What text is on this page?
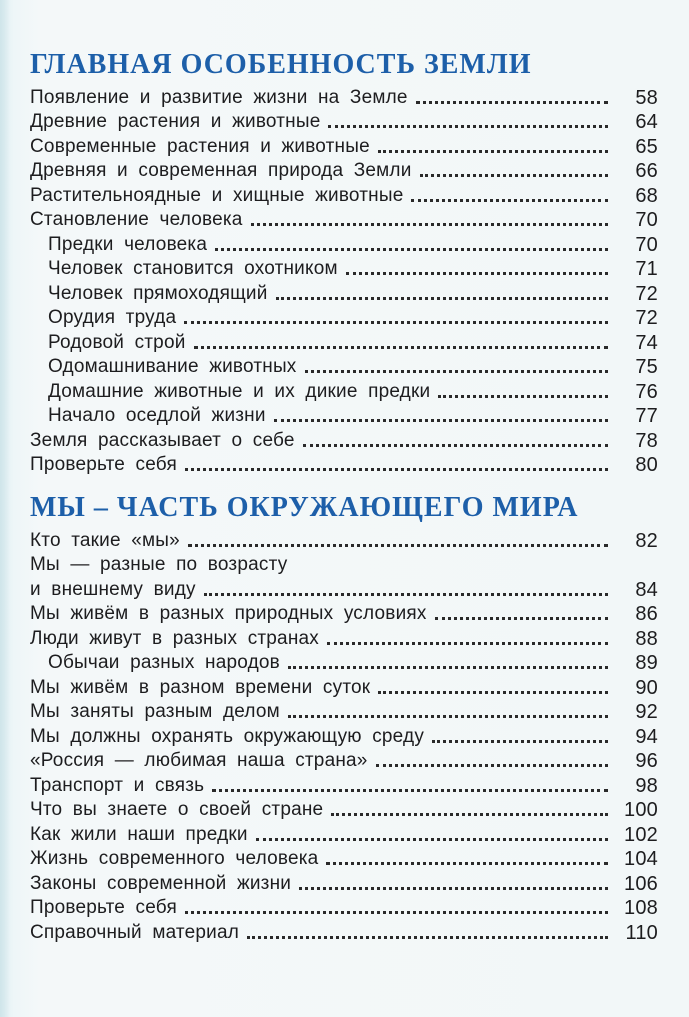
ГЛАВНАЯ ОСОБЕННОСТЬ ЗЕМЛИ
Появление и развитие жизни на Земле	58
Древние растения и животные	64
Современные растения и животные	65
Древняя и современная природа Земли	66
Растительноядные и хищные животные	68
Становление человека	70
Предки человека	70
Человек становится охотником	71
Человек прямоходящий	72
Орудия труда	72
Родовой строй	74
Одомашнивание животных	75
Домашние животные и их дикие предки	76
Начало оседлой жизни	77
Земля рассказывает о себе	78
Проверьте себя	80
МЫ – ЧАСТЬ ОКРУЖАЮЩЕГО МИРА
Кто такие «мы»	82
Мы — разные по возрасту
и внешнему виду	84
Мы живём в разных природных условиях	86
Люди живут в разных странах	88
Обычаи разных народов	89
Мы живём в разном времени суток	90
Мы заняты разным делом	92
Мы должны охранять окружающую среду	94
«Россия — любимая наша страна»	96
Транспорт и связь	98
Что вы знаете о своей стране	100
Как жили наши предки	102
Жизнь современного человека	104
Законы современной жизни	106
Проверьте себя	108
Справочный материал	110
